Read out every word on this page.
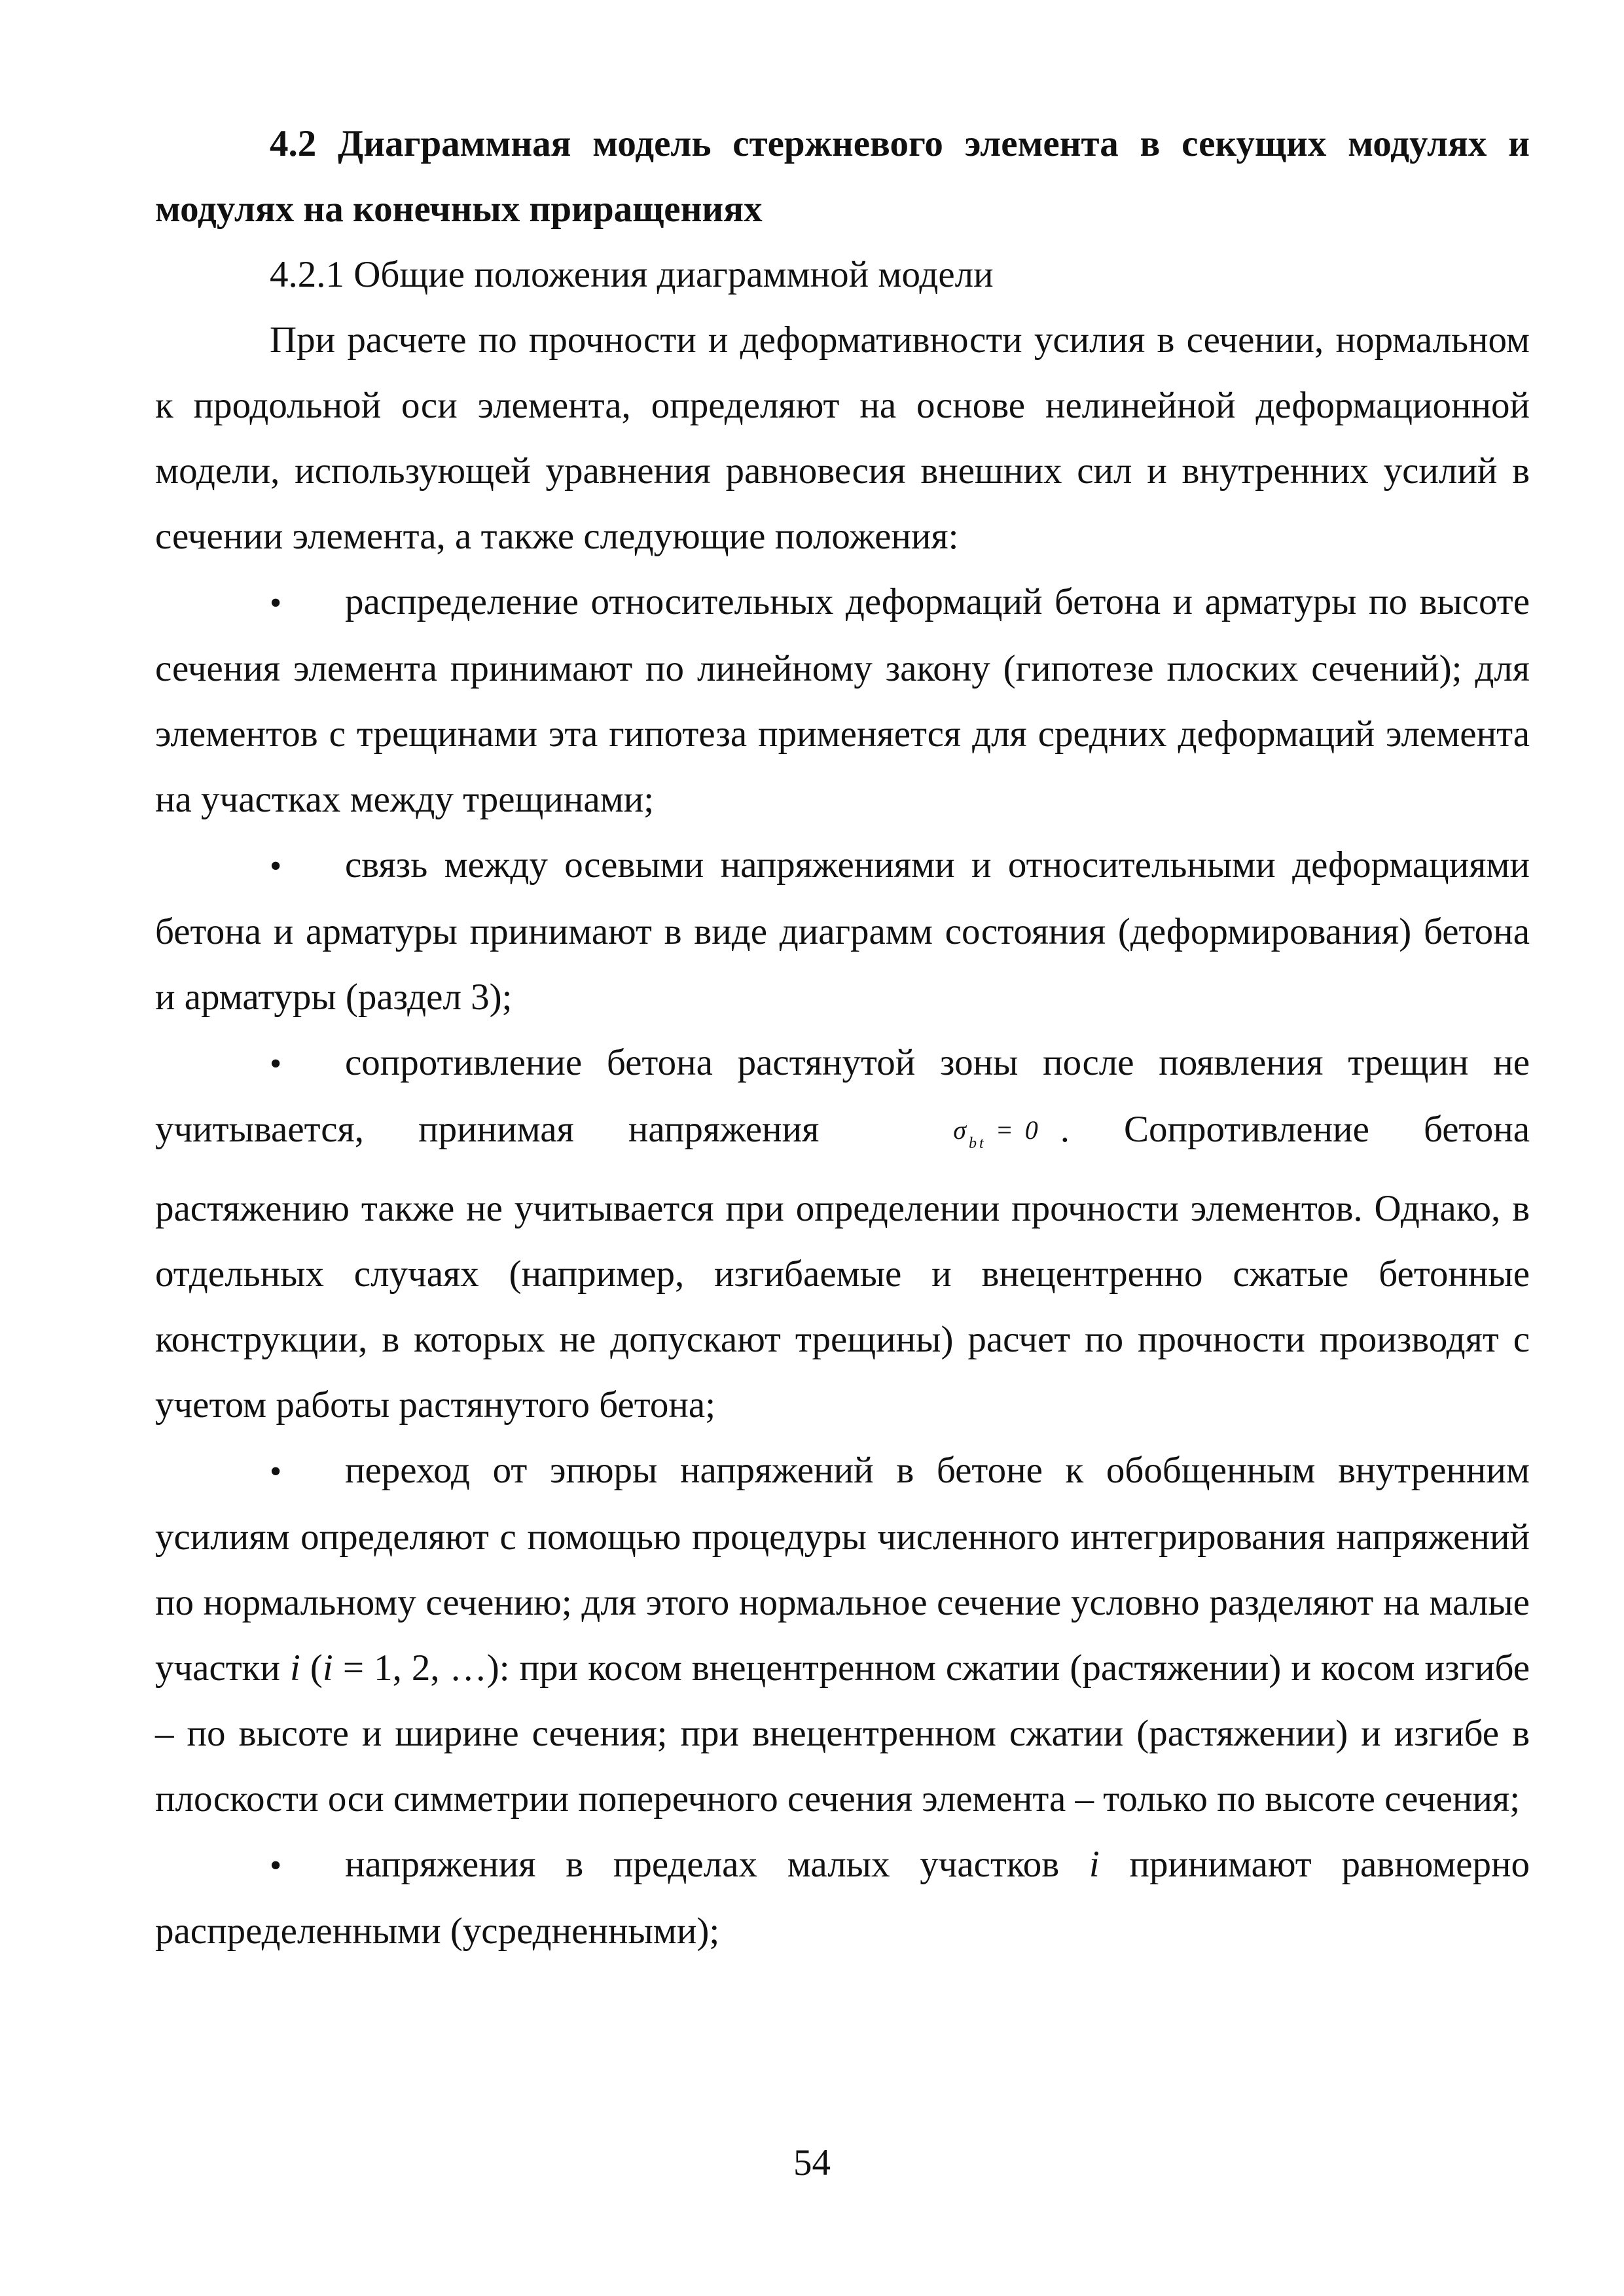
4.2 Диаграммная модель стержневого элемента в секущих модулях и модулях на конечных приращениях

4.2.1 Общие положения диаграммной модели

При расчете по прочности и деформативности усилия в сечении, нормальном к продольной оси элемента, определяют на основе нелинейной деформационной модели, использующей уравнения равновесия внешних сил и внутренних усилий в сечении элемента, а также следующие положения:

• распределение относительных деформаций бетона и арматуры по высоте сечения элемента принимают по линейному закону (гипотезе плоских сечений); для элементов с трещинами эта гипотеза применяется для средних деформаций элемента на участках между трещинами;

• связь между осевыми напряжениями и относительными деформациями бетона и арматуры принимают в виде диаграмм состояния (деформирования) бетона и арматуры (раздел 3);

• сопротивление бетона растянутой зоны после появления трещин не учитывается, принимая напряжения	$\sigma_{bt} = 0$ . Сопротивление бетона растяжению также не учитывается при определении прочности элементов. Однако, в отдельных случаях (например, изгибаемые и внецентренно сжатые бетонные конструкции, в которых не допускают трещины) расчет по прочности производят с учетом работы растянутого бетона;

• переход от эпюры напряжений в бетоне к обобщенным внутренним усилиям определяют с помощью процедуры численного интегрирования напряжений по нормальному сечению; для этого нормальное сечение условно разделяют на малые участки i (i = 1, 2, …): при косом внецентренном сжатии (растяжении) и косом изгибе – по высоте и ширине сечения; при внецентренном сжатии (растяжении) и изгибе в плоскости оси симметрии поперечного сечения элемента – только по высоте сечения;

• напряжения в пределах малых участков i принимают равномерно распределенными (усредненными);

54
